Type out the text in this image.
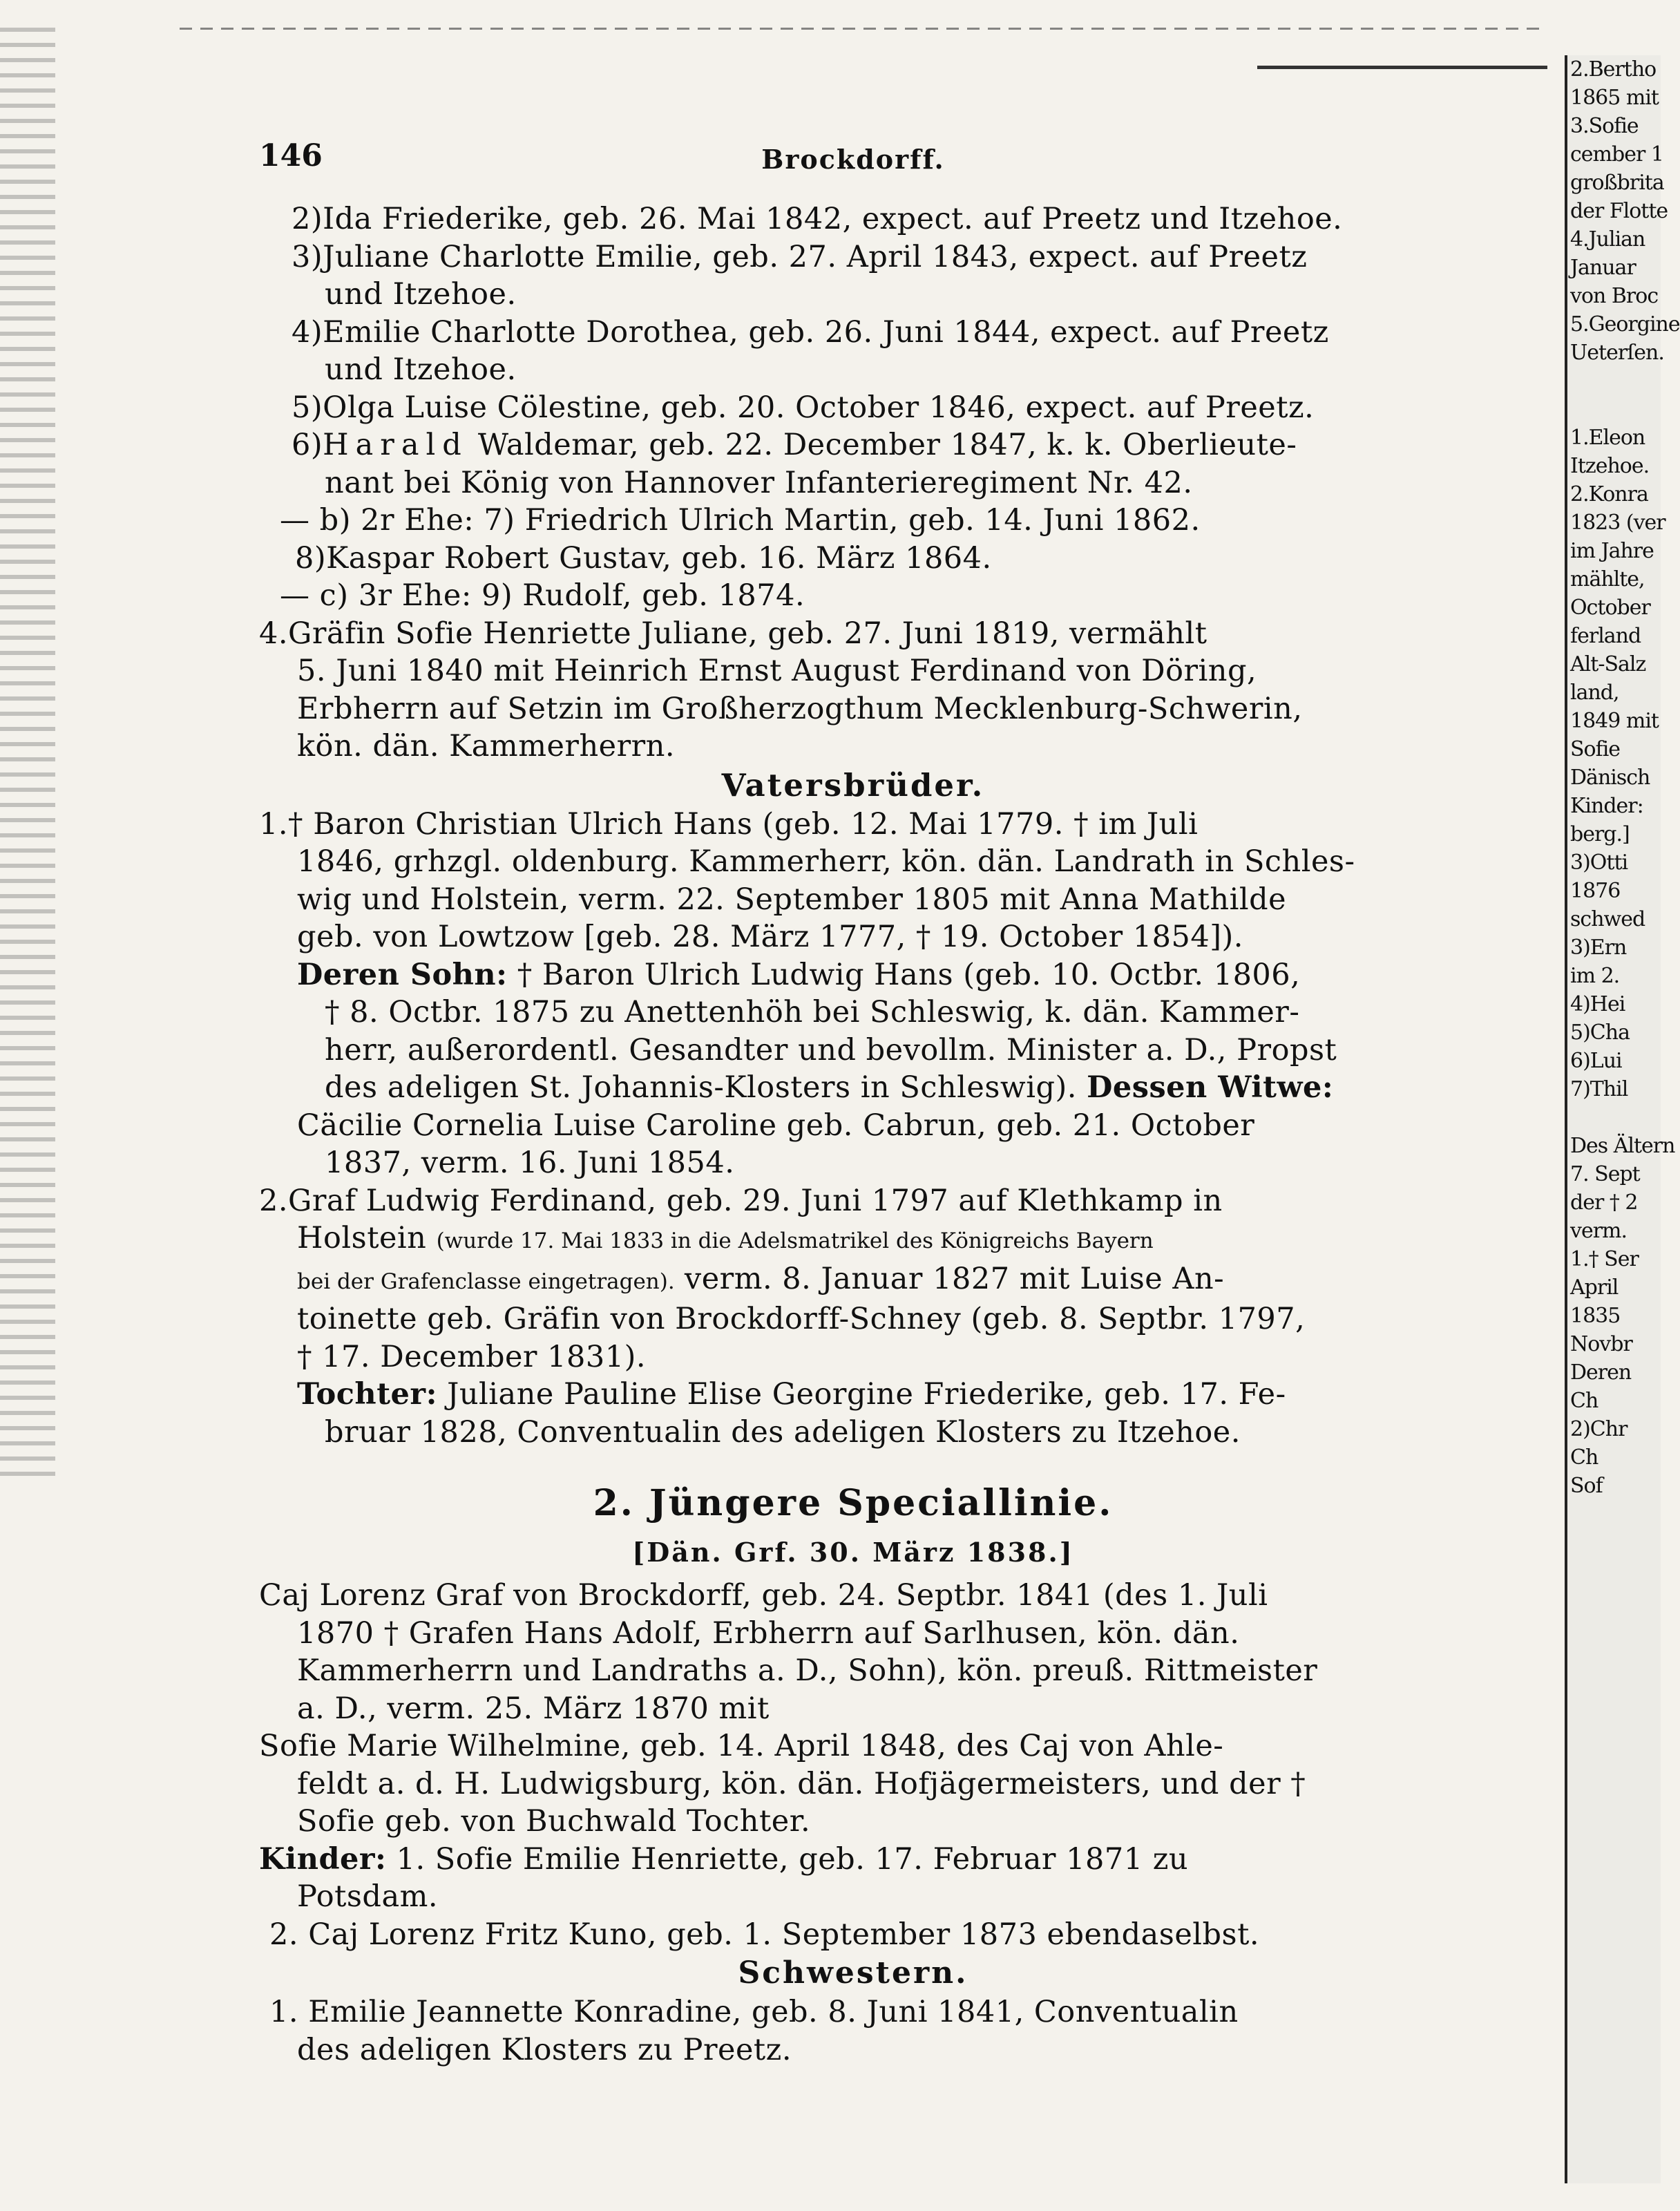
2.Bertho
1865 mit
3.Sofie
cember 1
großbrita
der Flotte
4.Julian
Januar
von Broc
5.Georgine
Ueterſen.

1.Eleon
Itzehoe.
2.Konra
1823 (ver
im Jahre
mählte,
October
ferland
Alt-Salz
land,
1849 mit
Sofie
Dänisch
Kinder:
berg.]
3)Otti
1876
schwed
3)Ern
im 2.
4)Hei
5)Cha
6)Lui
7)Thil

Des Ältern
7. Sept
der † 2
verm.
1.† Ser
April
1835
Novbr
Deren
Ch
2)Chr
Ch
Sof
146	Brockdorff.
2)Ida Friederike, geb. 26. Mai 1842, expect. auf Preetz und Itzehoe.
3)Juliane Charlotte Emilie, geb. 27. April 1843, expect. auf Preetz
und Itzehoe.
4)Emilie Charlotte Dorothea, geb. 26. Juni 1844, expect. auf Preetz
und Itzehoe.
5)Olga Luise Cölestine, geb. 20. October 1846, expect. auf Preetz.
6)Harald Waldemar, geb. 22. December 1847, k. k. Oberlieute-
nant bei König von Hannover Infanterieregiment Nr. 42.
— b) 2r Ehe: 7) Friedrich Ulrich Martin, geb. 14. Juni 1862.
8)Kaspar Robert Gustav, geb. 16. März 1864.
— c) 3r Ehe: 9) Rudolf, geb. 1874.
4.Gräfin Sofie Henriette Juliane, geb. 27. Juni 1819, vermählt
5. Juni 1840 mit Heinrich Ernst August Ferdinand von Döring,
Erbherrn auf Setzin im Großherzogthum Mecklenburg-Schwerin,
kön. dän. Kammerherrn.
Vatersbrüder.
1.† Baron Christian Ulrich Hans (geb. 12. Mai 1779. † im Juli
1846, grhzgl. oldenburg. Kammerherr, kön. dän. Landrath in Schles-
wig und Holstein, verm. 22. September 1805 mit Anna Mathilde
geb. von Lowtzow [geb. 28. März 1777, † 19. October 1854]).
Deren Sohn: † Baron Ulrich Ludwig Hans (geb. 10. Octbr. 1806,
† 8. Octbr. 1875 zu Anettenhöh bei Schleswig, k. dän. Kammer-
herr, außerordentl. Gesandter und bevollm. Minister a. D., Propst
des adeligen St. Johannis-Klosters in Schleswig). Dessen Witwe:
Cäcilie Cornelia Luise Caroline geb. Cabrun, geb. 21. October
1837, verm. 16. Juni 1854.
2.Graf Ludwig Ferdinand, geb. 29. Juni 1797 auf Klethkamp in
Holstein (wurde 17. Mai 1833 in die Adelsmatrikel des Königreichs Bayern
bei der Grafenclasse eingetragen). verm. 8. Januar 1827 mit Luise An-
toinette geb. Gräfin von Brockdorff-Schney (geb. 8. Septbr. 1797,
† 17. December 1831).
Tochter: Juliane Pauline Elise Georgine Friederike, geb. 17. Fe-
bruar 1828, Conventualin des adeligen Klosters zu Itzehoe.
2. Jüngere Speciallinie.
[Dän. Grf. 30. März 1838.]
Caj Lorenz Graf von Brockdorff, geb. 24. Septbr. 1841 (des 1. Juli
1870 † Grafen Hans Adolf, Erbherrn auf Sarlhusen, kön. dän.
Kammerherrn und Landraths a. D., Sohn), kön. preuß. Rittmeister
a. D., verm. 25. März 1870 mit
Sofie Marie Wilhelmine, geb. 14. April 1848, des Caj von Ahle-
feldt a. d. H. Ludwigsburg, kön. dän. Hofjägermeisters, und der †
Sofie geb. von Buchwald Tochter.
Kinder: 1. Sofie Emilie Henriette, geb. 17. Februar 1871 zu
Potsdam.
2. Caj Lorenz Fritz Kuno, geb. 1. September 1873 ebendaselbst.
Schwestern.
1. Emilie Jeannette Konradine, geb. 8. Juni 1841, Conventualin
des adeligen Klosters zu Preetz.
